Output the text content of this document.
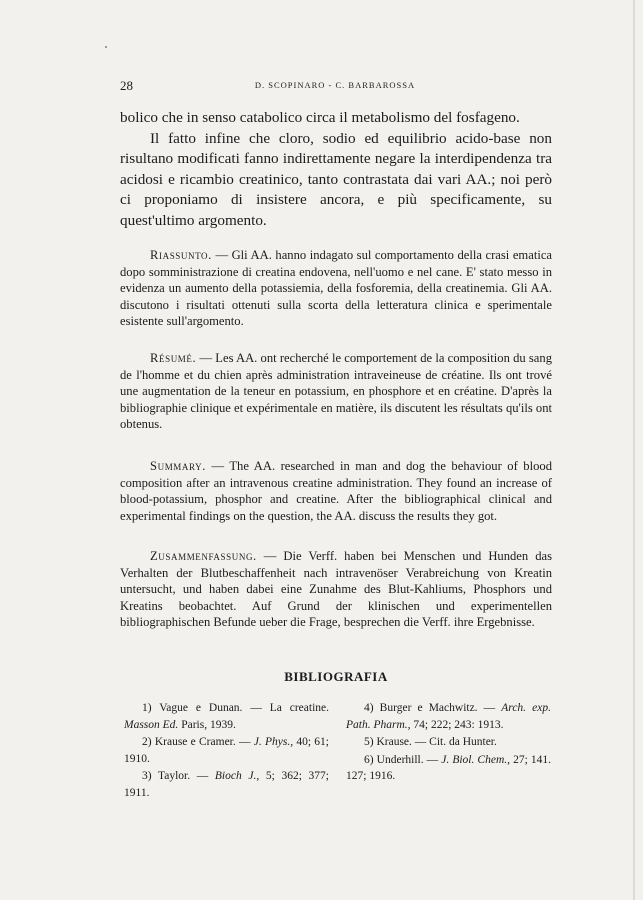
28	D. SCOPINARO - C. BARBAROSSA

bolico che in senso catabolico circa il metabolismo del fosfageno.

Il fatto infine che cloro, sodio ed equilibrio acido-base non risultano modificati fanno indirettamente negare la interdipendenza tra acidosi e ricambio creatinico, tanto contrastata dai vari AA.; noi però ci proponiamo di insistere ancora, e più specificamente, su quest'ultimo argomento.

Riassunto. — Gli AA. hanno indagato sul comportamento della crasi ematica dopo somministrazione di creatina endovena, nell'uomo e nel cane. E' stato messo in evidenza un aumento della potassiemia, della fosforemia, della creatinemia. Gli AA. discutono i risultati ottenuti sulla scorta della letteratura clinica e sperimentale esistente sull'argomento.

Résumé. — Les AA. ont recherché le comportement de la composition du sang de l'homme et du chien après administration intraveineuse de créatine. Ils ont trové une augmentation de la teneur en potassium, en phosphore et en créatine. D'après la bibliographie clinique et expérimentale en matière, ils discutent les résultats qu'ils ont obtenus.

Summary. — The AA. researched in man and dog the behaviour of blood composition after an intravenous creatine administration. They found an increase of blood-potassium, phosphor and creatine. After the bibliographical clinical and experimental findings on the question, the AA. discuss the results they got.

Zusammenfassung. — Die Verff. haben bei Menschen und Hunden das Verhalten der Blutbeschaffenheit nach intravenöser Verabreichung von Kreatin untersucht, und haben dabei eine Zunahme des Blut-Kahliums, Phosphors und Kreatins beobachtet. Auf Grund der klinischen und experimentellen bibliographischen Befunde ueber die Frage, besprechen die Verff. ihre Ergebnisse.

BIBLIOGRAFIA

1) Vague e Dunan. — La creatine. Masson Ed. Paris, 1939.

2) Krause e Cramer. — J. Phys., 40; 61; 1910.

3) Taylor. — Bioch J., 5; 362; 377; 1911.

4) Burger e Machwitz. — Arch. exp. Path. Pharm., 74; 222; 243: 1913.

5) Krause. — Cit. da Hunter.

6) Underhill. — J. Biol. Chem., 27; 141. 127; 1916.
